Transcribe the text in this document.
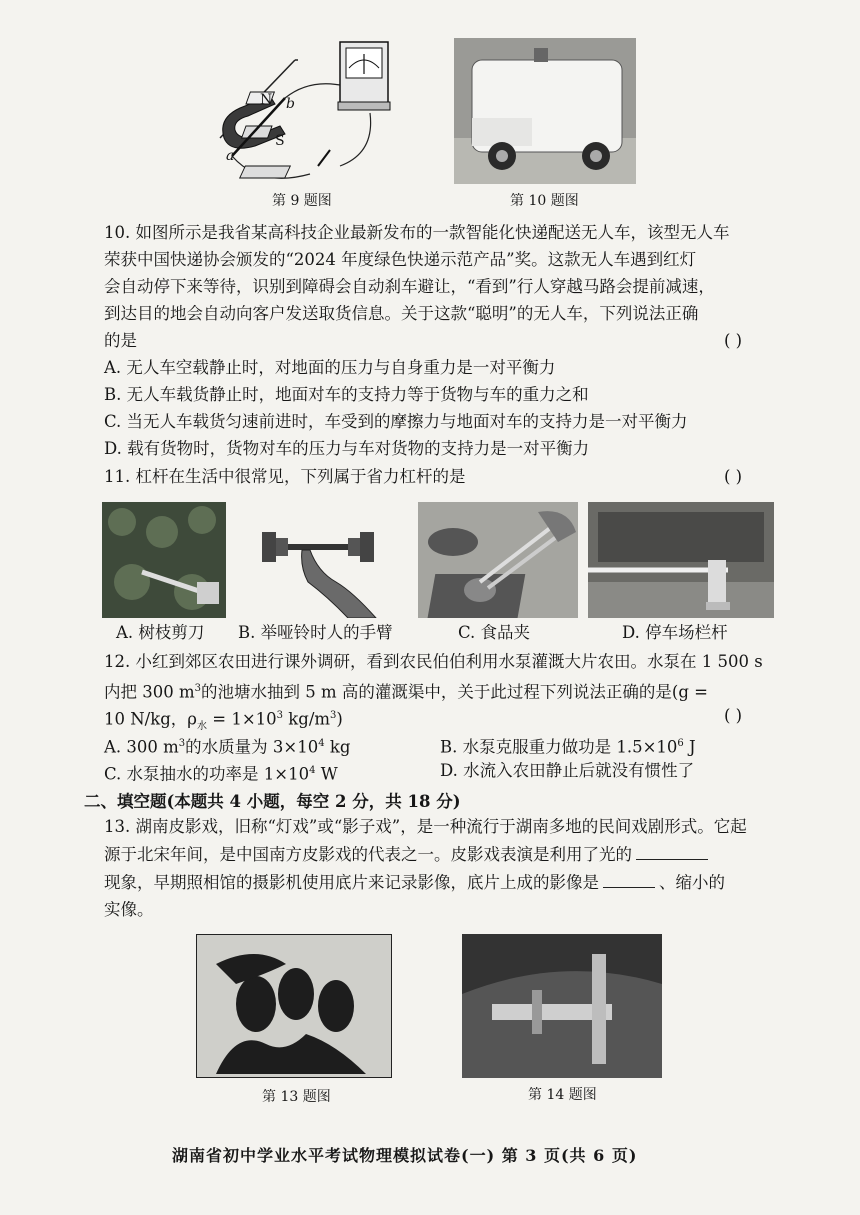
N
S
a
b
第 9 题图	第 10 题图
10. 如图所示是我省某高科技企业最新发布的一款智能化快递配送无人车，该型无人车
荣获中国快递协会颁发的“2024 年度绿色快递示范产品”奖。这款无人车遇到红灯
会自动停下来等待，识别到障碍会自动刹车避让，“看到”行人穿越马路会提前减速，
到达目的地会自动向客户发送取货信息。关于这款“聪明”的无人车，下列说法正确
的是	( )
A. 无人车空载静止时，对地面的压力与自身重力是一对平衡力
B. 无人车载货静止时，地面对车的支持力等于货物与车的重力之和
C. 当无人车载货匀速前进时，车受到的摩擦力与地面对车的支持力是一对平衡力
D. 载有货物时，货物对车的压力与车对货物的支持力是一对平衡力
11. 杠杆在生活中很常见，下列属于省力杠杆的是	( )
A. 树枝剪刀 B. 举哑铃时人的手臂	C. 食品夹	D. 停车场栏杆
12. 小红到郊区农田进行课外调研，看到农民伯伯利用水泵灌溉大片农田。水泵在 1 500 s
内把 300 $m^3$的池塘水抽到 5 m 高的灌溉渠中，关于此过程下列说法正确的是(g =
10 N/kg，$\rho_水 = 1\times 10^3$ $kg/m^3$)	( )
A. 300 $m^3$的水质量为 $3\times 10^4$ kg	B. 水泵克服重力做功是 $1.5\times 10^6$ J
C. 水泵抽水的功率是 $1\times 10^4$ W	D. 水流入农田静止后就没有惯性了
二、填空题(本题共 4 小题，每空 2 分，共 18 分)
13. 湖南皮影戏，旧称“灯戏”或“影子戏”，是一种流行于湖南多地的民间戏剧形式。它起
源于北宋年间，是中国南方皮影戏的代表之一。皮影戏表演是利用了光的
现象，早期照相馆的摄影机使用底片来记录影像，底片上成的影像是	、缩小的
实像。
第 13 题图	第 14 题图
湖南省初中学业水平考试物理模拟试卷(一) 第 3 页(共 6 页)
